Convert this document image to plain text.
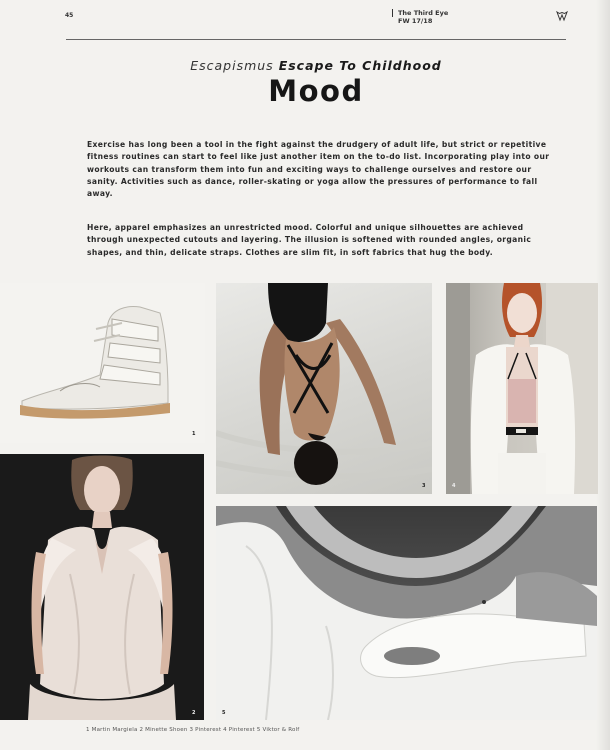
45	The Third Eye
FW 17/18
Escapismus Escape To Childhood
Mood
Exercise has long been a tool in the fight against the drudgery of adult life, but strict or repetitive fitness routines can start to feel like just another item on the to-do list. Incorporating play into our workouts can transform them into fun and exciting ways to challenge ourselves and restore our sanity. Activities such as dance, roller-skating or yoga allow the pressures of performance to fall away.
Here, apparel emphasizes an unrestricted mood. Colorful and unique silhouettes are achieved through unexpected cutouts and layering. The illusion is softened with rounded angles, organic shapes, and thin, delicate straps. Clothes are slim fit, in soft fabrics that hug the body.
1
3	4
2	5
1 Martin Margiela 2 Minette Shoen 3 Pinterest 4 Pinterest 5 Viktor & Rolf
